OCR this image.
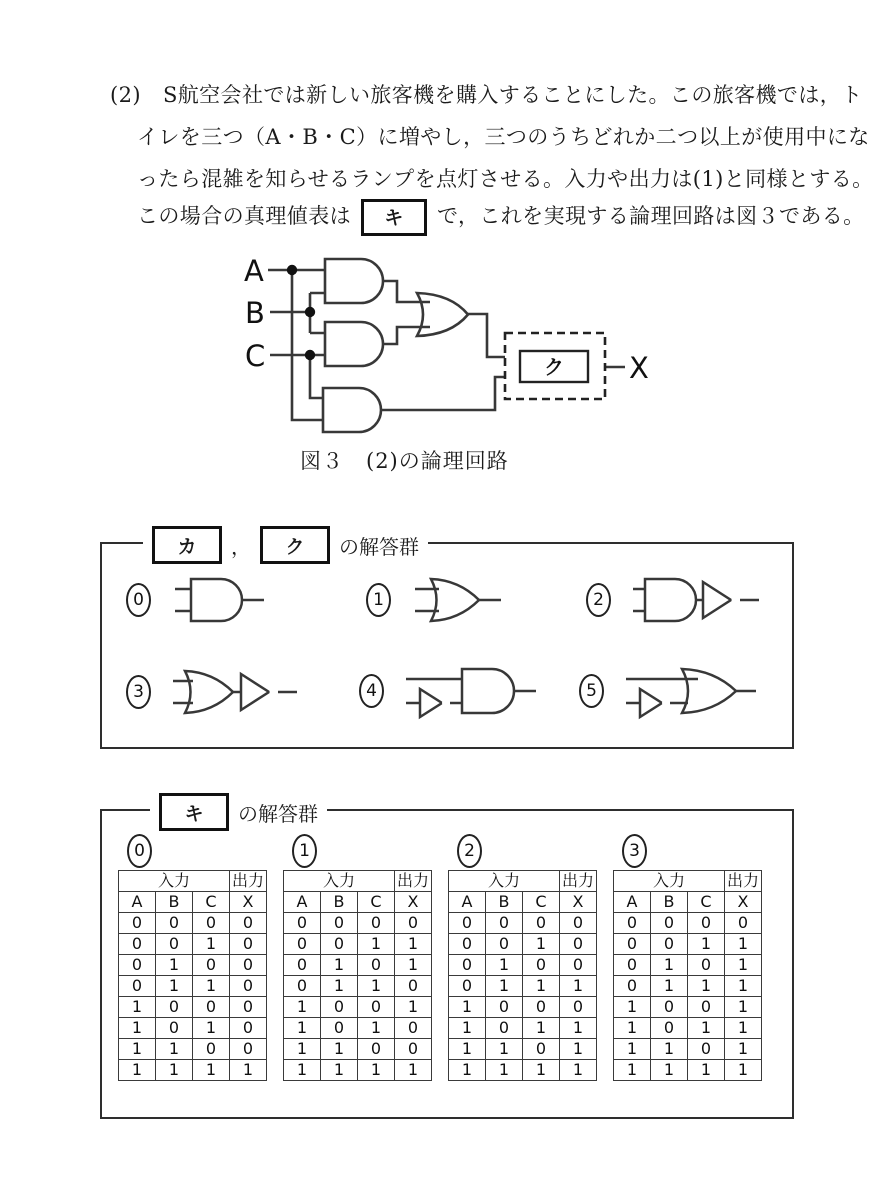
(2) S航空会社では新しい旅客機を購入することにした。この旅客機では，ト
イレを三つ（A・B・C）に増やし，三つのうちどれか二つ以上が使用中にな
ったら混雑を知らせるランプを点灯させる。入力や出力は(1)と同様とする。
この場合の真理値表は キ で，これを実現する論理回路は図３である。
ク
A
B
C	X
図３　(2)の論理回路
カ	，	ク	の解答群
0	1	2
3	4	5
キ	の解答群
0	1	2	3
入力			出力
A	B	C	X
0	0	0	0
0	0	1	0
0	1	0	0
0	1	1	0
1	0	0	0
1	0	1	0
1	1	0	0
1	1	1	1
入力			出力
A	B	C	X
0	0	0	0
0	0	1	1
0	1	0	1
0	1	1	0
1	0	0	1
1	0	1	0
1	1	0	0
1	1	1	1
入力			出力
A	B	C	X
0	0	0	0
0	0	1	0
0	1	0	0
0	1	1	1
1	0	0	0
1	0	1	1
1	1	0	1
1	1	1	1
入力			出力
A	B	C	X
0	0	0	0
0	0	1	1
0	1	0	1
0	1	1	1
1	0	0	1
1	0	1	1
1	1	0	1
1	1	1	1
